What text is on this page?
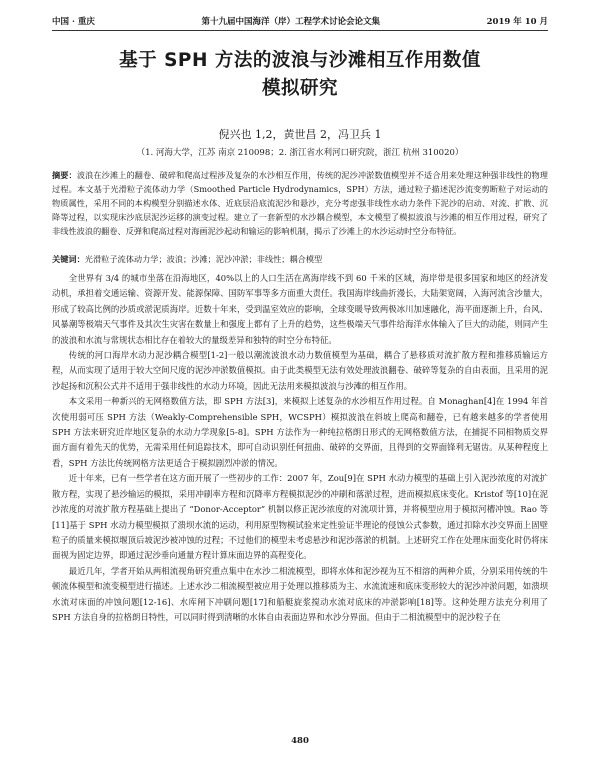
中国 · 重庆	第十九届中国海洋（岸）工程学术讨论会论文集	2019 年 10 月
基于 SPH 方法的波浪与沙滩相互作用数值
模拟研究
倪兴也 1,2，黄世昌 2，冯卫兵 1
（1. 河海大学，江苏 南京 210098；2. 浙江省水利河口研究院，浙江 杭州 310020）
摘要：波浪在沙滩上的翻卷、破碎和爬高过程涉及复杂的水沙相互作用，传统的泥沙冲淤数值模型并不适合用来处理这种强非线性的物理过程。本文基于光滑粒子流体动力学（Smoothed Particle Hydrodynamics，SPH）方法，通过粒子描述泥沙流变剪断粒子对运动的物质属性，采用不同的本构模型分别描述水体、近底层沿底流泥沙和悬沙，充分考虑强非线性水动力条件下泥沙的启动、对流、扩散、沉降等过程，以实现床沙底层泥沙运移的演变过程。建立了一套新型的水沙耦合模型，本文模型了模拟波浪与沙滩的相互作用过程，研究了非线性波浪的翻卷、反弹和爬高过程对海画泥沙起动和输运的影响机制，揭示了沙滩上的水沙运动时空分布特征。
关键词：光滑粒子流体动力学；波浪；沙滩；泥沙冲淤；非线性；耦合模型

全世界有 3/4 的城市坐落在沿海地区，40%以上的人口生活在离海岸线不到 60 千米的区域，海岸带是很多国家和地区的经济发动机，承担着交通运输、资源开发、能源保障、国防军事等多方面重大责任。我国海岸线曲折漫长，大陆架宽阔，入海河流含沙量大，形成了较高比例的沙质或淤泥质海岸。近数十年来，受到温室效应的影响，全球变暖导致两极冰川加速融化，海平面逐渐上升，台风、风暴潮等极端天气事件及其次生灾害在数量上和强度上都有了上升的趋势，这些极端天气事件给海洋水体输入了巨大的动能，则同产生的波浪和水流与常规状态相比存在着较大的量级差异和独特的时空分布特征。

传统的河口海岸水动力泥沙耦合模型[1-2]一般以潮流波浪水动力数值模型为基础，耦合了悬移质对流扩散方程和推移质输运方程，从而实现了适用于较大空间尺度的泥沙冲淤数值模拟。由于此类模型无法有效处理波浪翻卷、破碎等复杂的自由表面，且采用的泥沙起扬和沉积公式并不适用于强非线性的水动力环境，因此无法用来模拟波浪与沙滩的相互作用。

本文采用一种新兴的无网格数值方法，即 SPH 方法[3]，来模拟上述复杂的水沙相互作用过程。自 Monaghan[4]在 1994 年首次使用弱可压 SPH 方法（Weakly-Comprehensible SPH，WCSPH）模拟波浪在斜坡上爬高和翻卷，已有越来越多的学者使用 SPH 方法来研究近岸地区复杂的水动力学现象[5-8]。SPH 方法作为一种纯拉格朗日形式的无网格数值方法，在捕捉不同相物质交界面方面有着先天的优势，无需采用任何追踪技术，即可自动识别任何扭曲、破碎的交界面，且得到的交界面锋利无锯齿。从某种程度上看，SPH 方法比传统网格方法更适合于模拟剧烈冲淤的情况。

近十年来，已有一些学者在这方面开展了一些初步的工作：2007 年，Zou[9]在 SPH 水动力模型的基础上引入泥沙浓度的对流扩散方程，实现了悬沙输运的模拟，采用冲刷率方程和沉降率方程模拟泥沙的冲刷和落淤过程，进而模拟底床变化。Kristof 等[10]在泥沙浓度的对流扩散方程基础上提出了 “Donor-Acceptor” 机制以修正泥沙浓度的对流项计算，并将模型应用于模拟河槽冲蚀。Rao 等[11]基于 SPH 水动力模型模拟了溃坝水流的运动，利用原型物模试验来定性验证半理论的侵蚀公式参数，通过扣除水沙交界面上固壁粒子的质量来模拟堰顶后坡泥沙被冲蚀的过程；不过他们的模型未考虑悬沙和泥沙落淤的机制。上述研究工作在处理床面变化时仍将床面视为固定边界，即通过泥沙垂向通量方程计算床面边界的高程变化。

最近几年，学者开始从两相流视角研究重点集中在水沙二相流模型，即将水体和泥沙视为互不相溶的两种介质，分别采用传统的牛顿流体模型和流变模型进行描述。上述水沙二相流模型被应用于处理以推移质为主、水流流速和底床变形较大的泥沙冲淤问题，如溃坝水流对床面的冲蚀问题[12-16]、水库闸下冲刷问题[17]和船艇旋浆搅动水流对底床的冲淤影响[18]等。这种处理方法充分利用了 SPH 方法自身的拉格朗日特性，可以同时得到清晰的水体自由表面边界和水沙分界面。但由于二相流模型中的泥沙粒子在

480
